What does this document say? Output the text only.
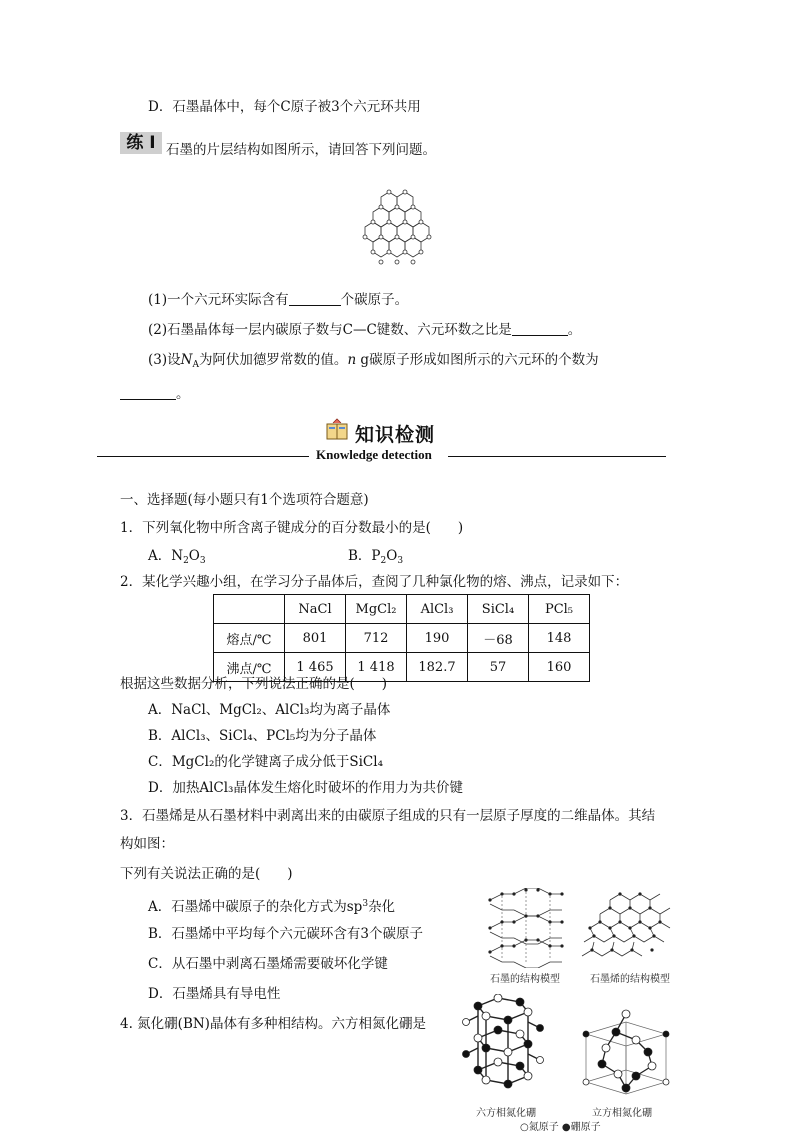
D．石墨晶体中，每个C原子被3个六元环共用
练 I 石墨的片层结构如图所示，请回答下列问题。
(1)一个六元环实际含有	个碳原子。
(2)石墨晶体每一层内碳原子数与C—C键数、六元环数之比是	。
(3)设$N_A$为阿伏加德罗常数的值。n g碳原子形成如图所示的六元环的个数为
。
知识检测
Knowledge detection
一、选择题(每小题只有1个选项符合题意)
1．下列氧化物中所含离子键成分的百分数最小的是(　　)
A．$N_2O_3$	B．$P_2O_3$
2．某化学兴趣小组，在学习分子晶体后，查阅了几种氯化物的熔、沸点，记录如下：
	NaCl	MgCl₂	AlCl₃	SiCl₄	PCl₅
熔点/℃	801	712	190	－68	148
沸点/℃	1 465	1 418	182.7	57	160
根据这些数据分析，下列说法正确的是(　　)
A．NaCl、MgCl₂、AlCl₃均为离子晶体
B．AlCl₃、SiCl₄、PCl₅均为分子晶体
C．MgCl₂的化学键离子成分低于SiCl₄
D．加热AlCl₃晶体发生熔化时破坏的作用力为共价键
3．石墨烯是从石墨材料中剥离出来的由碳原子组成的只有一层原子厚度的二维晶体。其结
构如图：
下列有关说法正确的是(　　)
A．石墨烯中碳原子的杂化方式为$sp^3$杂化
B．石墨烯中平均每个六元碳环含有3个碳原子
C．从石墨中剥离石墨烯需要破坏化学键
D．石墨烯具有导电性
4. 氮化硼(BN)晶体有多种相结构。六方相氮化硼是
石墨的结构模型	石墨烯的结构模型
六方相氮化硼	立方相氮化硼
○氮原子 ●硼原子
